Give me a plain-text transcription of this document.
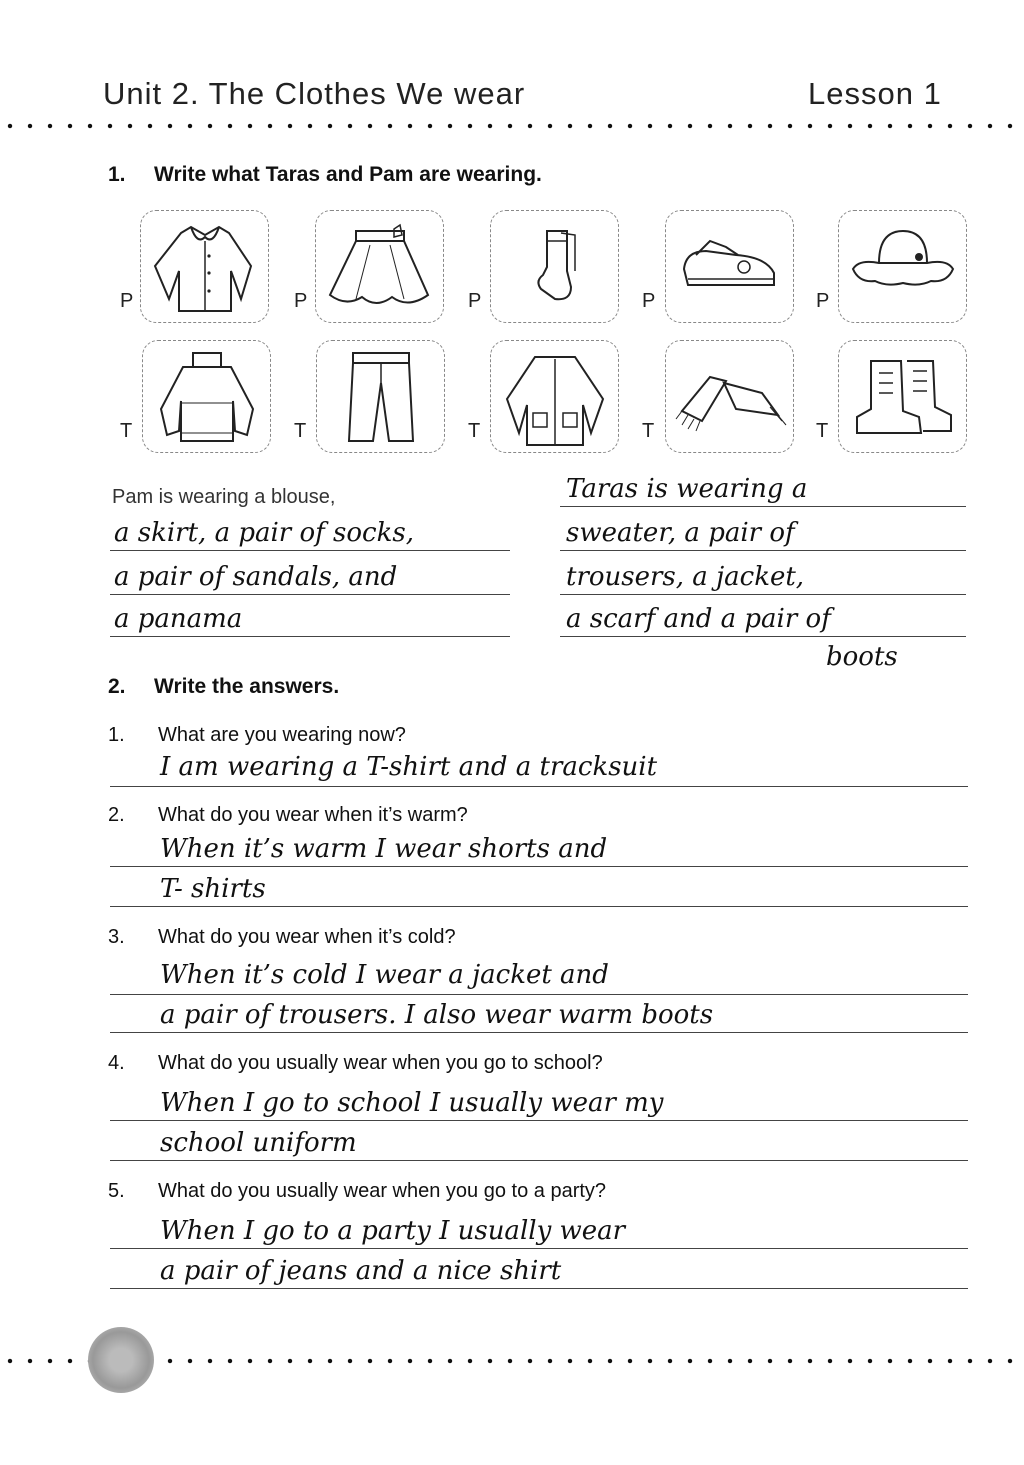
Unit 2. The Clothes We wear	Lesson 1
1. Write what Taras and Pam are wearing.
P	P	P	P	P
T	T	T	T	T
Pam is wearing a blouse,
a skirt, a pair of socks,
a pair of sandals, and
a panama
Taras is wearing a
sweater, a pair of
trousers, a jacket,
a scarf and a pair of
boots
2. Write the answers.
1. What are you wearing now?
I am wearing a T-shirt and a tracksuit
2. What do you wear when it’s warm?
When it’s warm I wear shorts and
T- shirts
3. What do you wear when it’s cold?
When it’s cold I wear a jacket and
a pair of trousers. I also wear warm boots
4. What do you usually wear when you go to school?
When I go to school I usually wear my
school uniform
5. What do you usually wear when you go to a party?
When I go to a party I usually wear
a pair of jeans and a nice shirt
